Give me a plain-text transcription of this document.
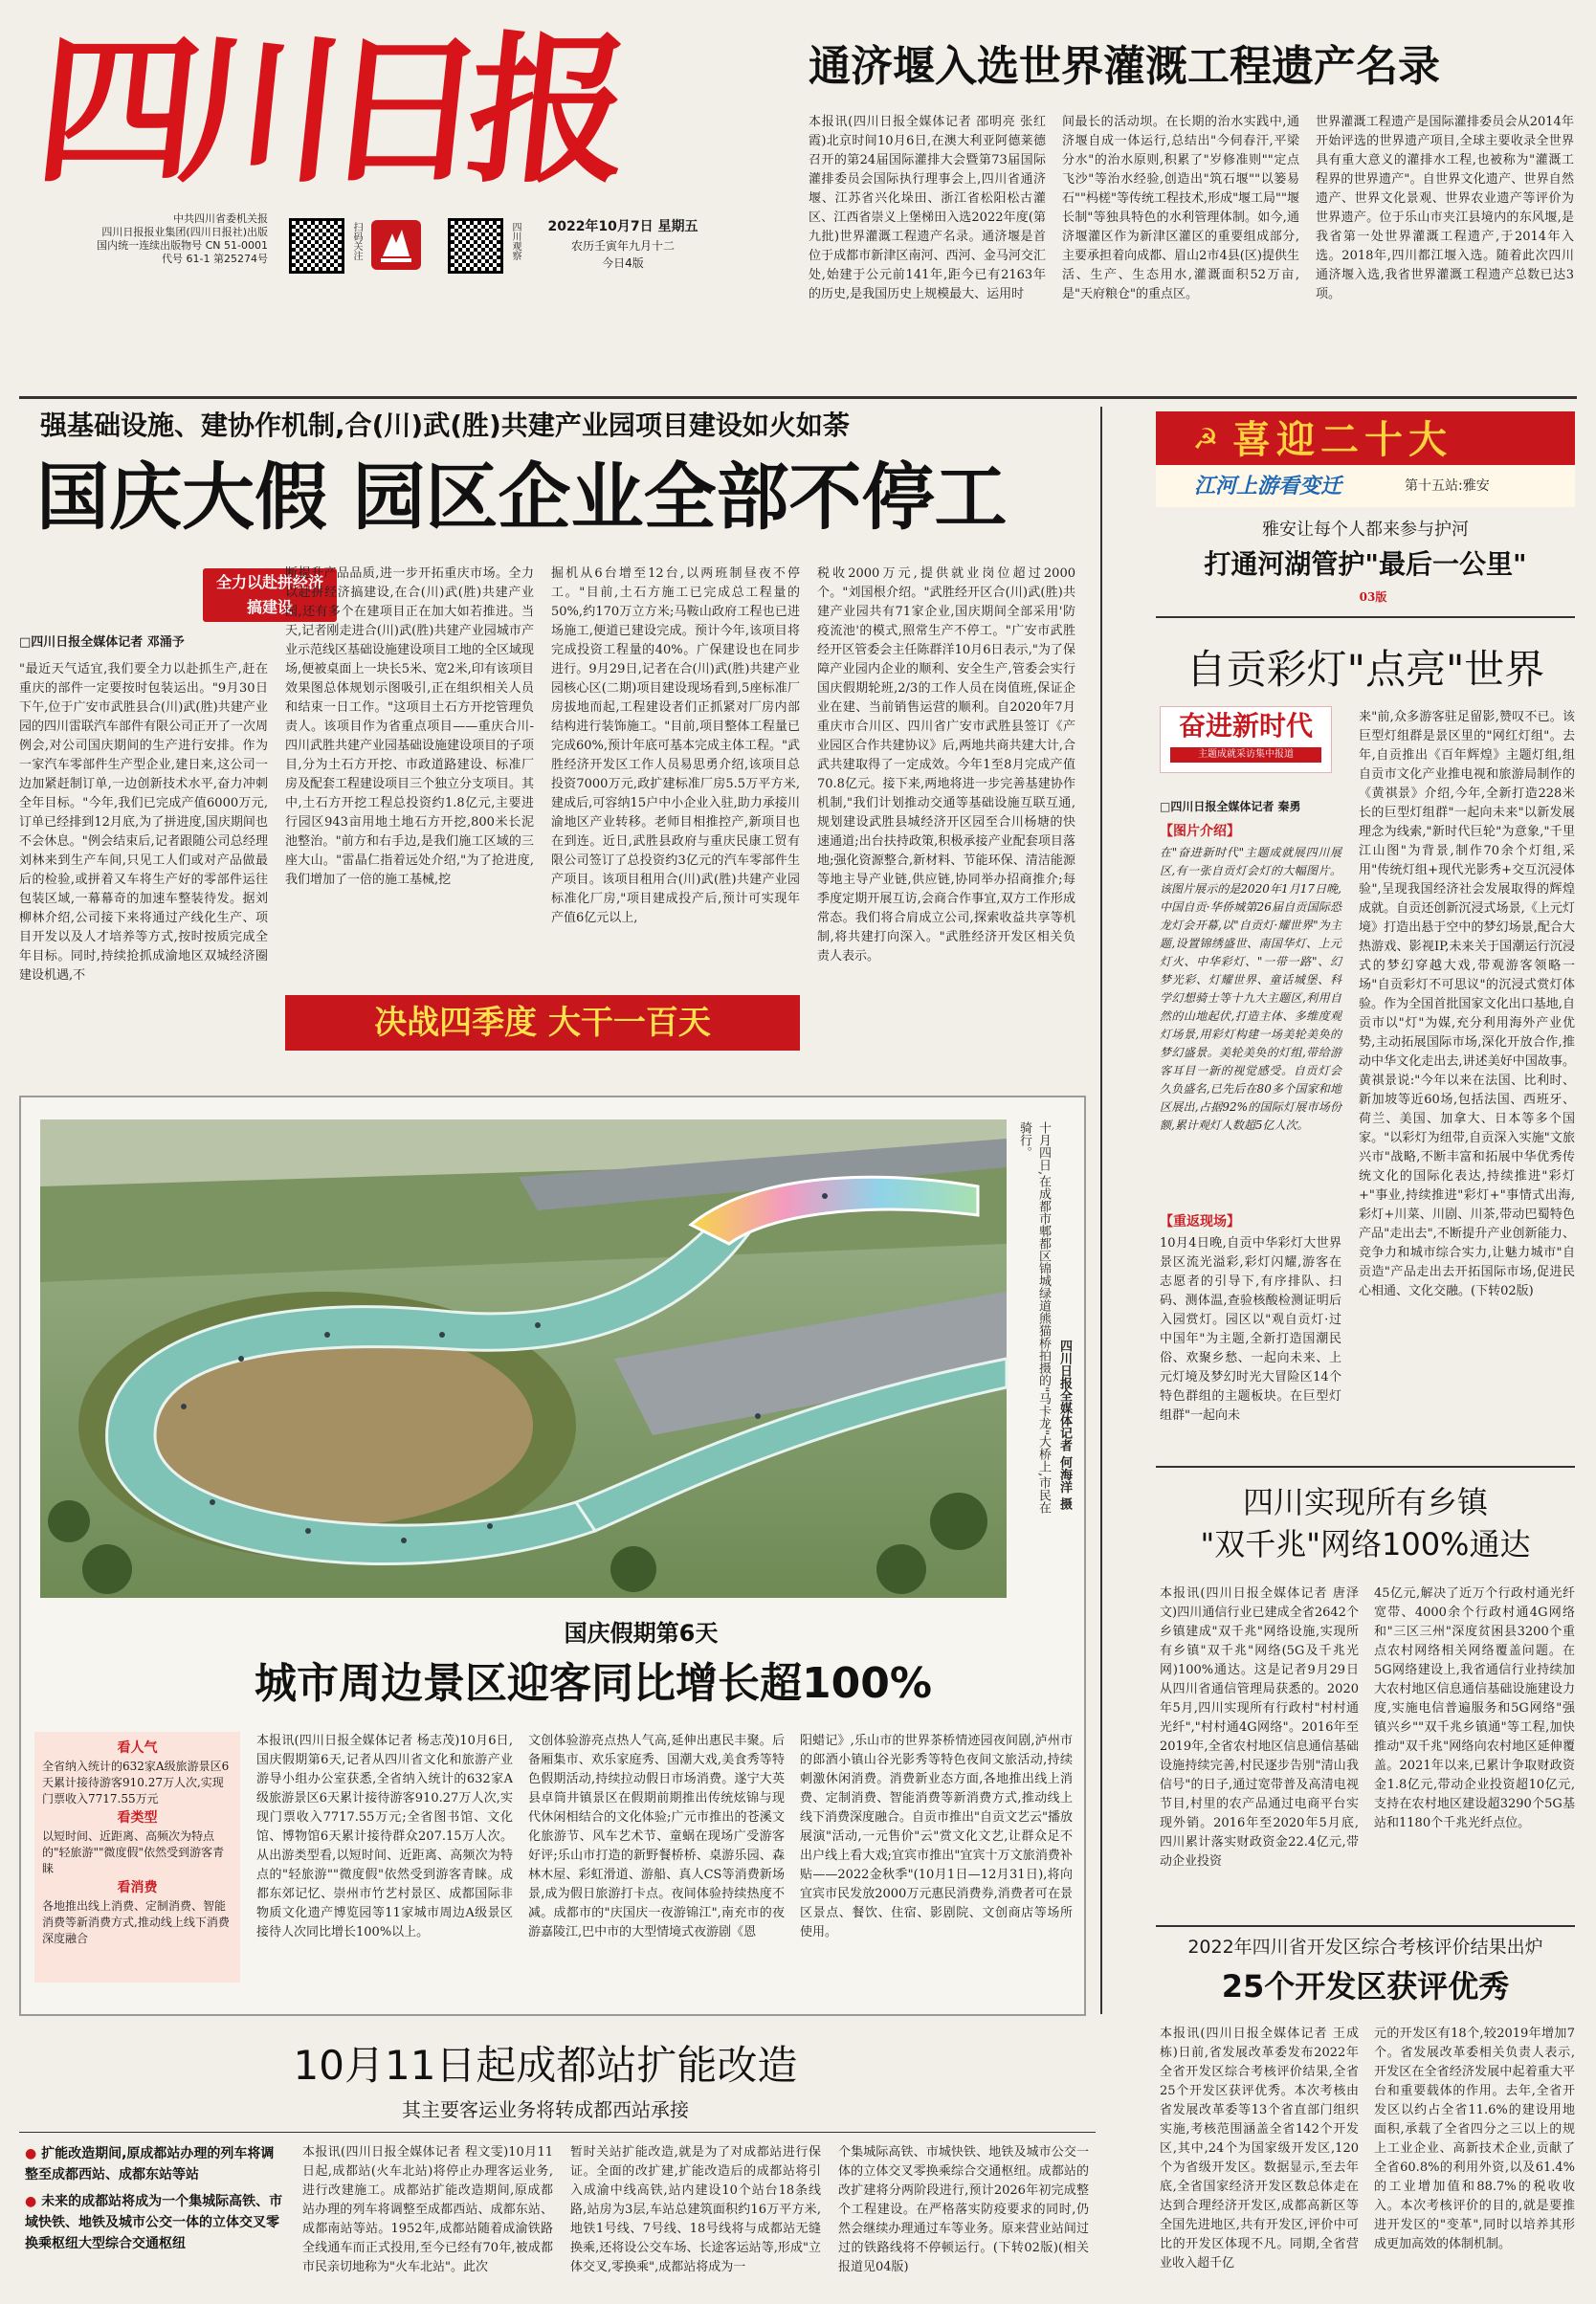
四川日报
中共四川省委机关报
四川日报报业集团(四川日报社)出版
国内统一连续出版物号 CN 51-0001
代号 61-1 第25274号	扫码关注	四川观察	2022年10月7日 星期五
农历壬寅年九月十二
今日4版
通济堰入选世界灌溉工程遗产名录
本报讯(四川日报全媒体记者 邵明亮 张红霞)北京时间10月6日,在澳大利亚阿德莱德召开的第24届国际灌排大会暨第73届国际灌排委员会国际执行理事会上,四川省通济堰、江苏省兴化垛田、浙江省松阳松古灌区、江西省崇义上堡梯田入选2022年度(第九批)世界灌溉工程遗产名录。通济堰是首位于成都市新津区南河、西河、金马河交汇处,始建于公元前141年,距今已有2163年的历史,是我国历史上规模最大、运用时
间最长的活动坝。在长期的治水实践中,通济堰自成一体运行,总结出"今伺春汗,平梁分水"的治水原则,积累了"岁修准则""定点飞沙"等治水经验,创造出"筑石堰""以篓易石""杩槎"等传统工程技术,形成"堰工局""堰长制"等独具特色的水利管理体制。如今,通济堰灌区作为新津区灌区的重要组成部分,主要承担着向成都、眉山2市4县(区)提供生活、生产、生态用水,灌溉面积52万亩,是"天府粮仓"的重点区。
世界灌溉工程遗产是国际灌排委员会从2014年开始评选的世界遗产项目,全球主要收录全世界具有重大意义的灌排水工程,也被称为"灌溉工程界的世界遗产"。自世界文化遗产、世界自然遗产、世界文化景观、世界农业遗产等评价为世界遗产。位于乐山市夹江县境内的东风堰,是我省第一处世界灌溉工程遗产,于2014年入选。2018年,四川都江堰入选。随着此次四川通济堰入选,我省世界灌溉工程遗产总数已达3项。
强基础设施、建协作机制,合(川)武(胜)共建产业园项目建设如火如荼
国庆大假 园区企业全部不停工
全力以赴拼经济搞建设
□四川日报全媒体记者 邓涌予
"最近天气适宜,我们要全力以赴抓生产,赶在重庆的部件一定要按时包装运出。"9月30日下午,位于广安市武胜县合(川)武(胜)共建产业园的四川雷联汽车部件有限公司正开了一次周例会,对公司国庆期间的生产进行安排。作为一家汽车零部件生产型企业,建日来,这公司一边加紧赶制订单,一边创新技术水平,奋力冲刺全年目标。"今年,我们已完成产值6000万元,订单已经排到12月底,为了拼进度,国庆期间也不会休息。"例会结束后,记者跟随公司总经理刘林来到生产车间,只见工人们或对产品做最后的检验,或拼着又车将生产好的零部件运往包装区域,一幕幕奇的加速车整装待发。据刘柳林介绍,公司接下来将通过产线化生产、项目开发以及人才培养等方式,按时按质完成全年目标。同时,持续抢抓成渝地区双城经济圈建设机遇,不
断提升产品品质,进一步开拓重庆市场。全力以赴拼经济搞建设,在合(川)武(胜)共建产业园,还有多个在建项目正在加大如若推进。当天,记者刚走进合(川)武(胜)共建产业园城市产业示范线区基础设施建设项目工地的全区域现场,便被桌面上一块长5米、宽2米,印有该项目效果图总体规划示图吸引,正在组织相关人员和结束一日工作。"这项目土石方开挖管理负责人。该项目作为省重点项目——重庆合川-四川武胜共建产业园基础设施建设项目的子项目,分为土石方开挖、市政道路建设、标准厂房及配套工程建设项目三个独立分支项目。其中,土石方开挖工程总投资约1.8亿元,主要进行园区943亩用地土地石方开挖,800米长泥池整治。"前方和右手边,是我们施工区域的三座大山。"雷晶仁指着远处介绍,"为了抢进度,我们增加了一倍的施工基械,挖
掘机从6台增至12台,以两班制昼夜不停工。"目前,土石方施工已完成总工程量的50%,约170万立方米;马鞍山政府工程也已进场施工,便道已建设完成。预计今年,该项目将完成投资工程量的40%。广保建设也在同步进行。9月29日,记者在合(川)武(胜)共建产业园核心区(二期)项目建设现场看到,5座标准厂房拔地而起,工程建设者们正抓紧对厂房内部结构进行装饰施工。"目前,项目整体工程量已完成60%,预计年底可基本完成主体工程。"武胜经济开发区工作人员易思勇介绍,该项目总投资7000万元,政扩建标准厂房5.5万平方米,建成后,可容纳15户中小企业入驻,助力承接川渝地区产业转移。老师目相推控产,新项目也在到连。近日,武胜县政府与重庆民康工贸有限公司签订了总投资约3亿元的汽车零部件生产项目。该项目租用合(川)武(胜)共建产业园标准化厂房,"项目建成投产后,预计可实现年产值6亿元以上,
税收2000万元,提供就业岗位超过2000个。"刘国根介绍。"武胜经开区合(川)武(胜)共建产业园共有71家企业,国庆期间全部采用'防疫流池'的模式,照常生产不停工。"广安市武胜经开区管委会主任陈群洋10月6日表示,"为了保障产业园内企业的顺利、安全生产,管委会实行国庆假期轮班,2/3的工作人员在岗值班,保证企业在建、当前销售运营的顺利。自2020年7月重庆市合川区、四川省广安市武胜县签订《产业园区合作共建协议》后,两地共商共建大计,合武共建取得了一定成效。今年1至8月完成产值70.8亿元。接下来,两地将进一步完善基建协作机制,"我们计划推动交通等基础设施互联互通,规划建设武胜县城经济开区园至合川杨塘的快速通道;出台扶持政策,积极承接产业配套项目落地;强化资源整合,新材料、节能环保、清洁能源等地主导产业链,供应链,协同举办招商推介;每季度定期开展互访,会商合作事宜,双方工作形成常态。我们将合肩成立公司,探索收益共享等机制,将共建打向深入。"武胜经济开发区相关负责人表示。
决战四季度 大干一百天
十月四日,在成都市郫都区锦城绿道熊猫桥拍摄的"马卡龙"大桥上,市民在骑行。
四川日报全媒体记者 何海洋 摄
国庆假期第6天
城市周边景区迎客同比增长超100%
看人气
全省纳入统计的632家A级旅游景区6天累计接待游客910.27万人次,实现门票收入7717.55万元
看类型
以短时间、近距离、高频次为特点的"轻旅游""微度假"依然受到游客青睐
看消费
各地推出线上消费、定制消费、智能消费等新消费方式,推动线上线下消费深度融合
本报讯(四川日报全媒体记者 杨志茂)10月6日,国庆假期第6天,记者从四川省文化和旅游产业游导小组办公室获悉,全省纳入统计的632家A级旅游景区6天累计接待游客910.27万人次,实现门票收入7717.55万元;全省图书馆、文化馆、博物馆6天累计接待群众207.15万人次。从出游类型看,以短时间、近距离、高频次为特点的"轻旅游""微度假"依然受到游客青睐。成都东郊记忆、崇州市竹艺村景区、成都国际非物质文化遗产博览园等11家城市周边A级景区接待人次同比增长100%以上。
文创体验游亮点热人气高,延伸出惠民丰聚。后备厢集市、欢乐家庭秀、国潮大戏,美食秀等特色假期活动,持续拉动假日市场消费。遂宁大英县卓筒井镇景区在假期前期推出传统炫锦与现代休闲相结合的文化体验;广元市推出的苍溪文化旅游节、风车艺术节、童蜗在现场广受游客好评;乐山市打造的新野餐桥桥、桌游乐园、森林木屋、彩虹滑道、游船、真人CS等消费新场景,成为假日旅游打卡点。夜间体验持续热度不减。成都市的"庆国庆一夜游锦江",南充市的夜游嘉陵江,巴中市的大型情境式夜游剧《恩
阳蜡记》,乐山市的世界茶桥情迹园夜间剧,泸州市的郎酒小镇山谷光影秀等特色夜间文旅活动,持续刺激休闲消费。消费新业态方面,各地推出线上消费、定制消费、智能消费等新消费方式,推动线上线下消费深度融合。自贡市推出"自贡文艺云"播放展演"活动,一元售价"云"赏文化文艺,让群众足不出户线上看大戏;宜宾市推出"宜宾十万文旅消费补贴——2022金秋季"(10月1日—12月31日),将向宜宾市民发放2000万元惠民消费券,消费者可在景区景点、餐饮、住宿、影剧院、文创商店等场所使用。
10月11日起成都站扩能改造
其主要客运业务将转成都西站承接
● 扩能改造期间,原成都站办理的列车将调整至成都西站、成都东站等站
● 未来的成都站将成为一个集城际高铁、市域快铁、地铁及城市公交一体的立体交叉零换乘枢纽大型综合交通枢纽
本报讯(四川日报全媒体记者 程文雯)10月11日起,成都站(火车北站)将停止办理客运业务,进行改建施工。成都站扩能改造期间,原成都站办理的列车将调整至成都西站、成都东站、成都南站等站。1952年,成都站随着成渝铁路全线通车而正式投用,至今已经有70年,被成都市民亲切地称为"火车北站"。此次
暂时关站扩能改造,就是为了对成都站进行保证。全面的改扩建,扩能改造后的成都站将引入成渝中线高铁,站内建设10个站台18条线路,站房为3层,车站总建筑面积约16万平方米,地铁1号线、7号线、18号线将与成都站无缝换乘,还将设公交车场、长途客运站等,形成"立体交叉,零换乘",成都站将成为一
个集城际高铁、市城快铁、地铁及城市公交一体的立体交叉零换乘综合交通枢纽。成都站的改扩建将分两阶段进行,预计2026年初完成整个工程建设。在严格落实防疫要求的同时,仍然会继续办理通过车等业务。原来营业站间过过的铁路线将不停顿运行。(下转02版)(相关报道见04版)
☭ 喜迎二十大
江河上游看变迁	第十五站:雅安
雅安让每个人都来参与护河
打通河湖管护"最后一公里"
03版
自贡彩灯"点亮"世界
奋进新时代
主题成就采访集中报道
□四川日报全媒体记者 秦勇
【图片介绍】
在"奋进新时代"主题成就展四川展区,有一张自贡灯会灯的大幅图片。该图片展示的是2020年1月17日晚,中国自贡·华侨城第26届自贡国际恐龙灯会开幕,以"自贡灯·耀世界"为主题,设置锦绣盛世、南国华灯、上元灯火、中华彩灯、"一带一路"、幻梦光彩、灯耀世界、童话城堡、科学幻想骑士等十九大主题区,利用自然的山地起伏,打造主体、多维度观灯场景,用彩灯构建一场美轮美奂的梦幻盛景。美轮美奂的灯组,带给游客耳目一新的视觉感受。自贡灯会久负盛名,已先后在80多个国家和地区展出,占据92%的国际灯展市场份额,累计观灯人数超5亿人次。
【重返现场】
10月4日晚,自贡中华彩灯大世界景区流光溢彩,彩灯闪耀,游客在志愿者的引导下,有序排队、扫码、测体温,查验核酸检测证明后入园赏灯。园区以"观自贡灯·过中国年"为主题,全新打造国潮民俗、欢聚乡愁、一起向未来、上元灯境及梦幻时光大冒险区14个特色群组的主题板块。在巨型灯组群"一起向未
来"前,众多游客驻足留影,赞叹不已。该巨型灯组群是景区里的"网红灯组"。去年,自贡推出《百年辉煌》主题灯组,组自贡市文化产业推电视和旅游局制作的《黄祺景》介绍,今年,全新打造228米长的巨型灯组群"一起向未来"以新发展理念为线索,"新时代巨轮"为意象,"千里江山图"为背景,制作70余个灯组,采用"传统灯组+现代光影秀+交互沉浸体验",呈现我国经济社会发展取得的辉煌成就。自贡还创新沉浸式场景,《上元灯境》打造出悬于空中的梦幻场景,配合大热游戏、影视IP,未来关于国潮运行沉浸式的梦幻穿越大戏,带观游客领略一场"自贡彩灯不可思议"的沉浸式赏灯体验。作为全国首批国家文化出口基地,自贡市以"灯"为媒,充分利用海外产业优势,主动拓展国际市场,深化开放合作,推动中华文化走出去,讲述美好中国故事。黄祺景说:"今年以来在法国、比利时、新加坡等近60场,包括法国、西班牙、荷兰、美国、加拿大、日本等多个国家。"以彩灯为纽带,自贡深入实施"文旅兴市"战略,不断丰富和拓展中华优秀传统文化的国际化表达,持续推进"彩灯+"事业,持续推进"彩灯+"事情式出海,彩灯+川菜、川剧、川茶,带动巴蜀特色产品"走出去",不断提升产业创新能力、竞争力和城市综合实力,让魅力城市"自贡造"产品走出去开拓国际市场,促进民心相通、文化交融。(下转02版)
四川实现所有乡镇
"双千兆"网络100%通达
本报讯(四川日报全媒体记者 唐泽文)四川通信行业已建成全省2642个乡镇建成"双千兆"网络设施,实现所有乡镇"双千兆"网络(5G及千兆光网)100%通达。这是记者9月29日从四川省通信管理局获悉的。2020年5月,四川实现所有行政村"村村通光纤","村村通4G网络"。2016年至2019年,全省农村地区信息通信基础设施持续完善,村民逐步告别"清山我信号"的日子,通过宽带普及高清电视节目,村里的农产品通过电商平台实现外销。2016年至2020年5月底,四川累计落实财政资金22.4亿元,带动企业投资
45亿元,解决了近万个行政村通光纤宽带、4000余个行政村通4G网络和"三区三州"深度贫困县3200个重点农村网络相关网络覆盖问题。在5G网络建设上,我省通信行业持续加大农村地区信息通信基础设施建设力度,实施电信普遍服务和5G网络"强镇兴乡""双千兆乡镇通"等工程,加快推动"双千兆"网络向农村地区延伸覆盖。2021年以来,已累计争取财政资金1.8亿元,带动企业投资超10亿元,支持在农村地区建设超3290个5G基站和1180个千兆光纤点位。
2022年四川省开发区综合考核评价结果出炉
25个开发区获评优秀
本报讯(四川日报全媒体记者 王成栋)日前,省发展改革委发布2022年全省开发区综合考核评价结果,全省25个开发区获评优秀。本次考核由省发展改革委等13个省直部门组织实施,考核范围涵盖全省142个开发区,其中,24个为国家级开发区,120个为省级开发区。数据显示,至去年底,全省国家经济开发区数总体走在达到合理经济开发区,成都高新区等全国先进地区,共有开发区,评价中可比的开发区体现不凡。同期,全省营业收入超千亿
元的开发区有18个,较2019年增加7个。省发展改革委相关负责人表示,开发区在全省经济发展中起着重大平台和重要载体的作用。去年,全省开发区以约占全省11.6%的建设用地面积,承载了全省四分之三以上的规上工业企业、高新技术企业,贡献了全省60.8%的利用外资,以及61.4%的工业增加值和88.7%的税收收入。本次考核评价的目的,就是要推进开发区的"变革",同时以培养其形成更加高效的体制机制。
